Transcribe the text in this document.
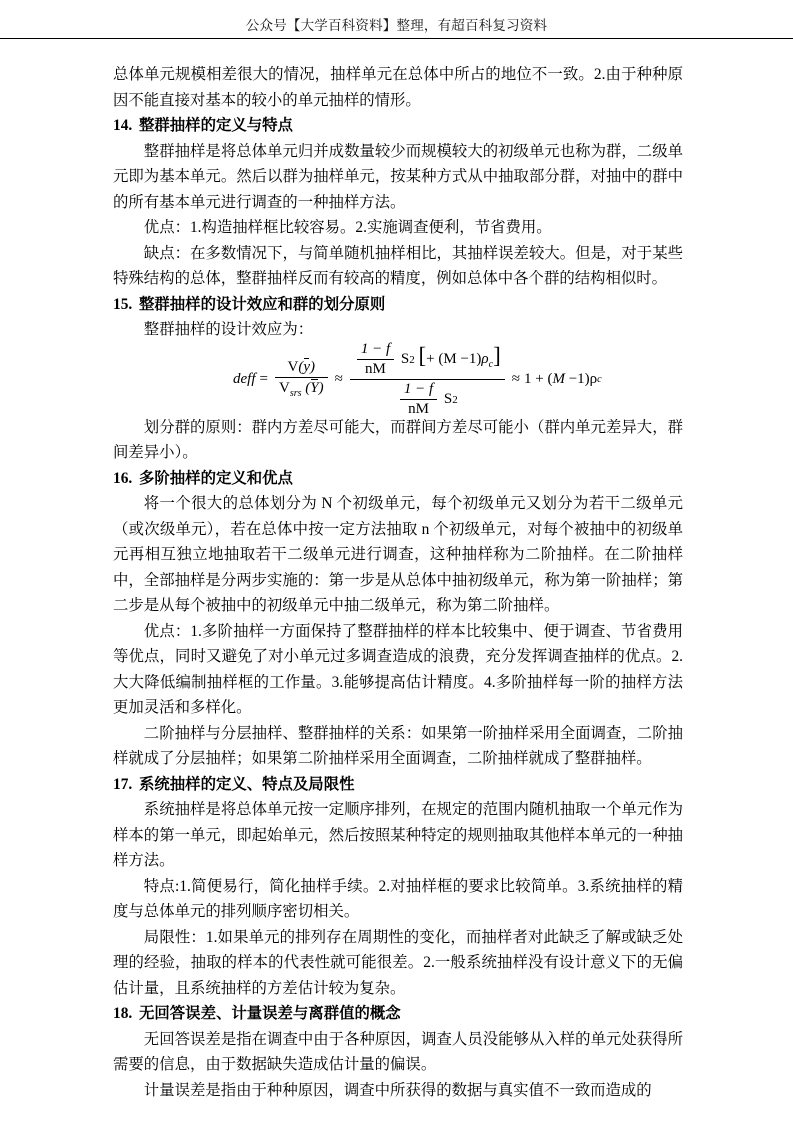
公众号【大学百科资料】整理，有超百科复习资料

总体单元规模相差很大的情况，抽样单元在总体中所占的地位不一致。2.由于种种原因不能直接对基本的较小的单元抽样的情形。

14. 整群抽样的定义与特点

整群抽样是将总体单元归并成数量较少而规模较大的初级单元也称为群，二级单元即为基本单元。然后以群为抽样单元，按某种方式从中抽取部分群，对抽中的群中的所有基本单元进行调查的一种抽样方法。

优点：1.构造抽样框比较容易。2.实施调查便利，节省费用。

缺点：在多数情况下，与简单随机抽样相比，其抽样误差较大。但是，对于某些特殊结构的总体，整群抽样反而有较高的精度，例如总体中各个群的结构相似时。

15. 整群抽样的设计效应和群的划分原则

整群抽样的设计效应为：

deff = $\frac{V(y)}{V_{srs} (Y)}$ ≈
$\frac{1 - f}{nM} S2$ [+ $(M -1)\rho_c$]
$\frac{1 - f}{nM} S2$
≈ 1 + (M −1)ρ c

划分群的原则：群内方差尽可能大，而群间方差尽可能小（群内单元差异大，群间差异小）。

16. 多阶抽样的定义和优点

将一个很大的总体划分为 N 个初级单元，每个初级单元又划分为若干二级单元（或次级单元），若在总体中按一定方法抽取 n 个初级单元，对每个被抽中的初级单元再相互独立地抽取若干二级单元进行调查，这种抽样称为二阶抽样。在二阶抽样中，全部抽样是分两步实施的：第一步是从总体中抽初级单元，称为第一阶抽样；第二步是从每个被抽中的初级单元中抽二级单元，称为第二阶抽样。

优点：1.多阶抽样一方面保持了整群抽样的样本比较集中、便于调查、节省费用等优点，同时又避免了对小单元过多调查造成的浪费，充分发挥调查抽样的优点。2.大大降低编制抽样框的工作量。3.能够提高估计精度。4.多阶抽样每一阶的抽样方法更加灵活和多样化。

二阶抽样与分层抽样、整群抽样的关系：如果第一阶抽样采用全面调查，二阶抽样就成了分层抽样；如果第二阶抽样采用全面调查，二阶抽样就成了整群抽样。

17. 系统抽样的定义、特点及局限性

系统抽样是将总体单元按一定顺序排列，在规定的范围内随机抽取一个单元作为样本的第一单元，即起始单元，然后按照某种特定的规则抽取其他样本单元的一种抽样方法。

特点:1.简便易行，简化抽样手续。2.对抽样框的要求比较简单。3.系统抽样的精度与总体单元的排列顺序密切相关。

局限性：1.如果单元的排列存在周期性的变化，而抽样者对此缺乏了解或缺乏处理的经验，抽取的样本的代表性就可能很差。2.一般系统抽样没有设计意义下的无偏估计量，且系统抽样的方差估计较为复杂。

18. 无回答误差、计量误差与离群值的概念

无回答误差是指在调查中由于各种原因，调查人员没能够从入样的单元处获得所需要的信息，由于数据缺失造成估计量的偏误。

计量误差是指由于种种原因，调查中所获得的数据与真实值不一致而造成的
